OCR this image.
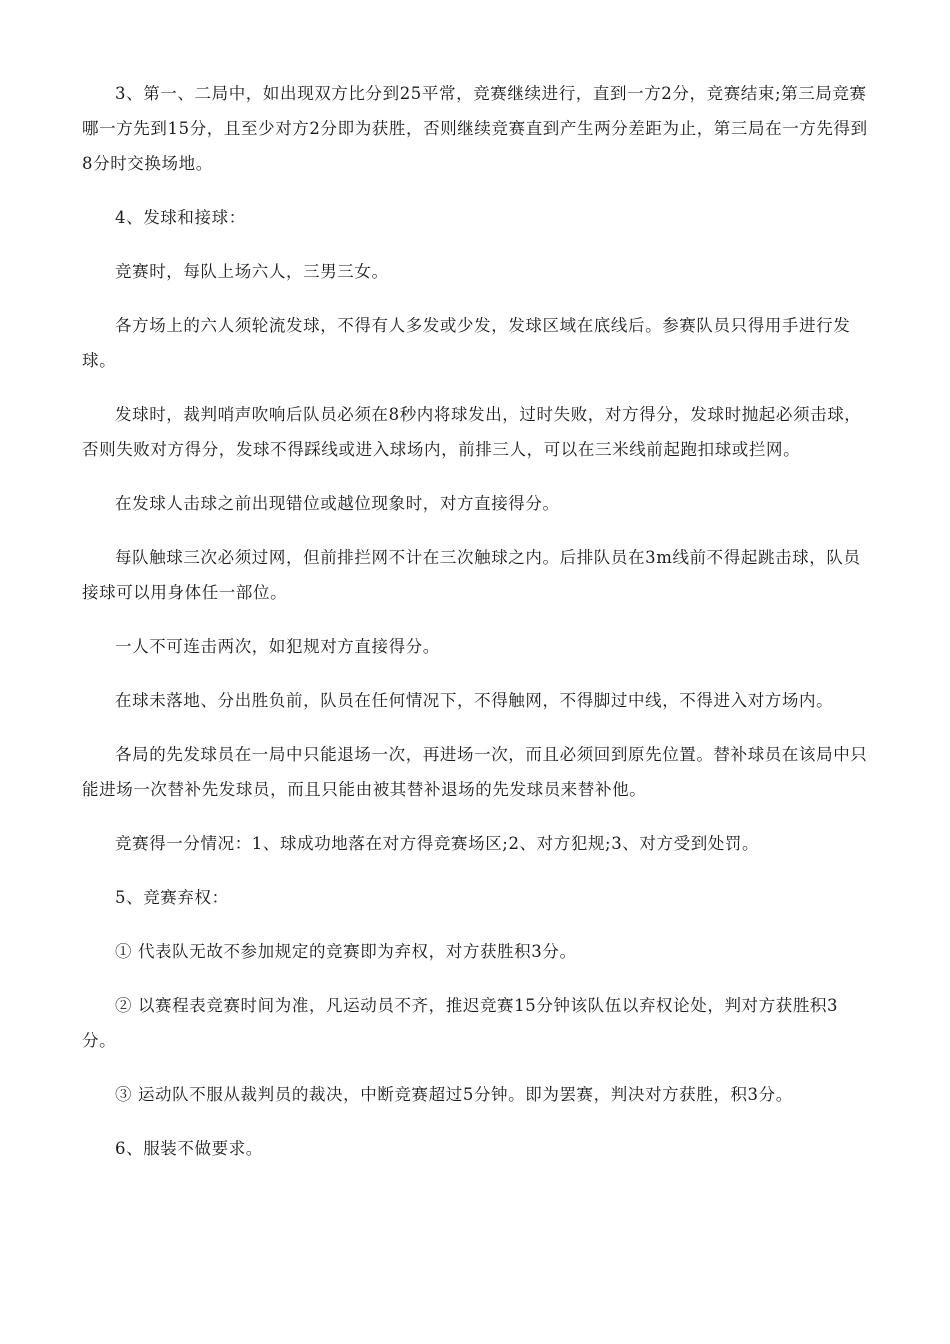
3、第一、二局中，如出现双方比分到25平常，竞赛继续进行，直到一方2分，竞赛结束;第三局竞赛哪一方先到15分，且至少对方2分即为获胜，否则继续竞赛直到产生两分差距为止，第三局在一方先得到8分时交换场地。

4、发球和接球：

竞赛时，每队上场六人，三男三女。

各方场上的六人须轮流发球，不得有人多发或少发，发球区域在底线后。参赛队员只得用手进行发球。

发球时，裁判哨声吹响后队员必须在8秒内将球发出，过时失败，对方得分，发球时抛起必须击球，否则失败对方得分，发球不得踩线或进入球场内，前排三人，可以在三米线前起跑扣球或拦网。

在发球人击球之前出现错位或越位现象时，对方直接得分。

每队触球三次必须过网，但前排拦网不计在三次触球之内。后排队员在3m线前不得起跳击球，队员接球可以用身体任一部位。

一人不可连击两次，如犯规对方直接得分。

在球未落地、分出胜负前，队员在任何情况下，不得触网，不得脚过中线，不得进入对方场内。

各局的先发球员在一局中只能退场一次，再进场一次，而且必须回到原先位置。替补球员在该局中只能进场一次替补先发球员，而且只能由被其替补退场的先发球员来替补他。

竞赛得一分情况：1、球成功地落在对方得竞赛场区;2、对方犯规;3、对方受到处罚。

5、竞赛弃权：

① 代表队无故不参加规定的竞赛即为弃权，对方获胜积3分。

② 以赛程表竞赛时间为准，凡运动员不齐，推迟竞赛15分钟该队伍以弃权论处，判对方获胜积3分。

③ 运动队不服从裁判员的裁决，中断竞赛超过5分钟。即为罢赛，判决对方获胜，积3分。

6、服装不做要求。
